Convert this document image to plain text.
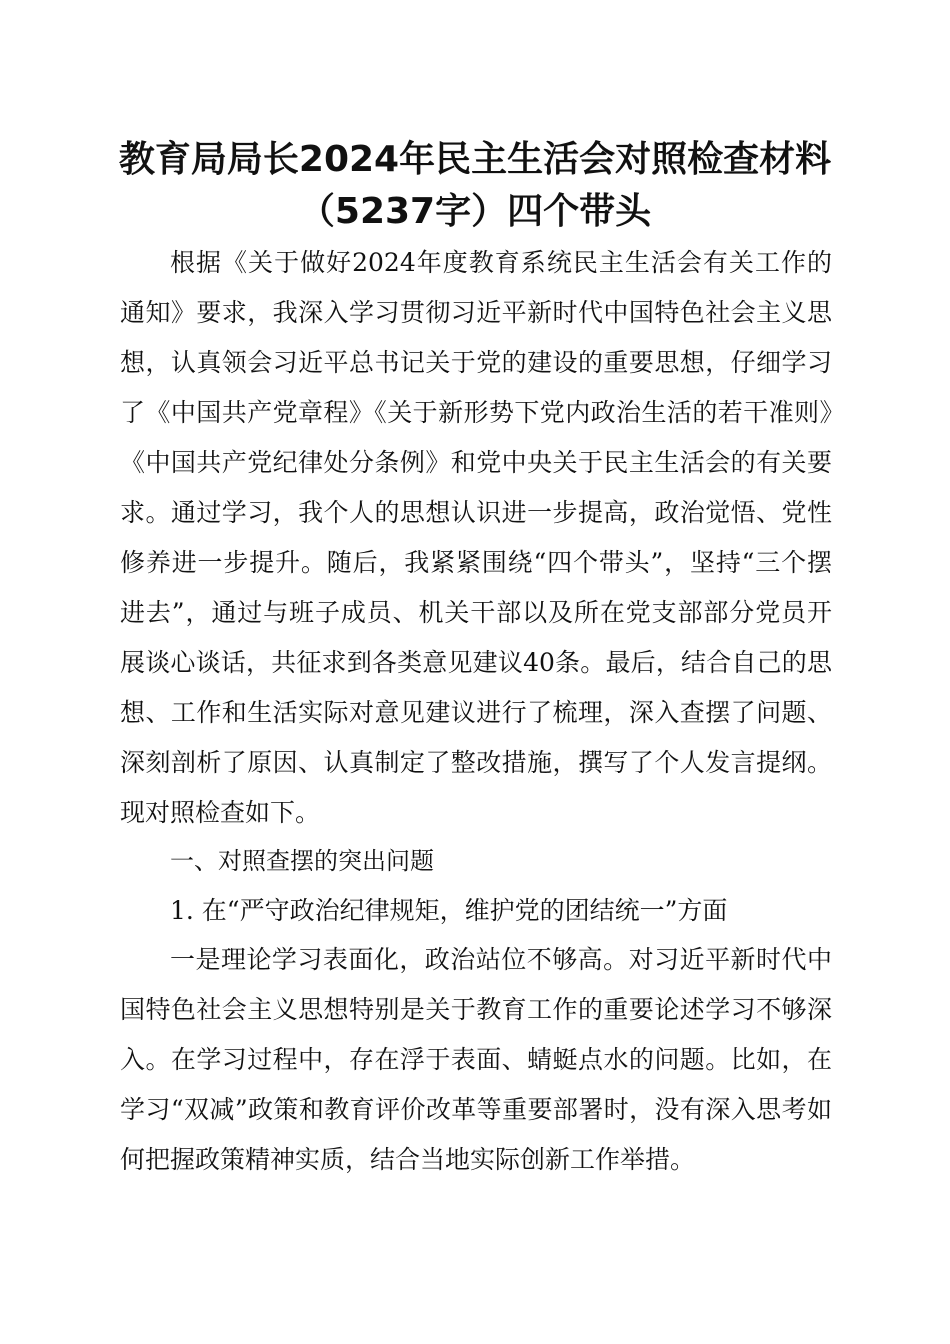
教育局局长2024年民主生活会对照检查材料
（5237字）四个带头

根据《关于做好2024年度教育系统民主生活会有关工作的通知》要求，我深入学习贯彻习近平新时代中国特色社会主义思想，认真领会习近平总书记关于党的建设的重要思想，仔细学习了《中国共产党章程》《关于新形势下党内政治生活的若干准则》《中国共产党纪律处分条例》和党中央关于民主生活会的有关要求。通过学习，我个人的思想认识进一步提高，政治觉悟、党性修养进一步提升。随后，我紧紧围绕“四个带头”，坚持“三个摆进去”，通过与班子成员、机关干部以及所在党支部部分党员开展谈心谈话，共征求到各类意见建议40条。最后，结合自己的思想、工作和生活实际对意见建议进行了梳理，深入查摆了问题、深刻剖析了原因、认真制定了整改措施，撰写了个人发言提纲。现对照检查如下。

一、对照查摆的突出问题
1. 在“严守政治纪律规矩，维护党的团结统一”方面

一是理论学习表面化，政治站位不够高。对习近平新时代中国特色社会主义思想特别是关于教育工作的重要论述学习不够深入。在学习过程中，存在浮于表面、蜻蜓点水的问题。比如，在学习“双减”政策和教育评价改革等重要部署时，没有深入思考如何把握政策精神实质，结合当地实际创新工作举措。
